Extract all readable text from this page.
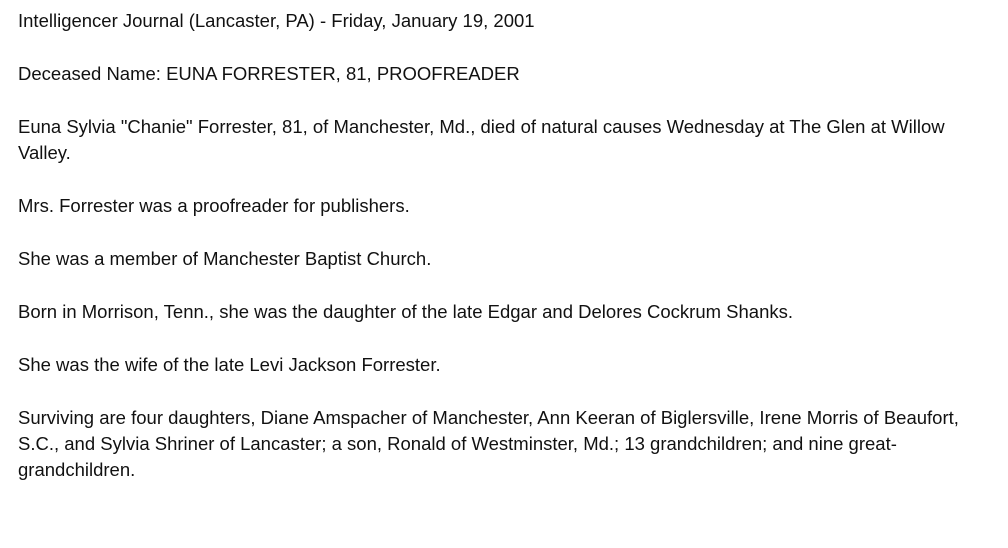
Intelligencer Journal (Lancaster, PA) - Friday, January 19, 2001

Deceased Name: EUNA FORRESTER, 81, PROOFREADER

Euna Sylvia "Chanie" Forrester, 81, of Manchester, Md., died of natural causes Wednesday at The Glen at Willow Valley.

Mrs. Forrester was a proofreader for publishers.

She was a member of Manchester Baptist Church.

Born in Morrison, Tenn., she was the daughter of the late Edgar and Delores Cockrum Shanks.

She was the wife of the late Levi Jackson Forrester.

Surviving are four daughters, Diane Amspacher of Manchester, Ann Keeran of Biglersville, Irene Morris of Beaufort, S.C., and Sylvia Shriner of Lancaster; a son, Ronald of Westminster, Md.; 13 grandchildren; and nine great-grandchildren.
